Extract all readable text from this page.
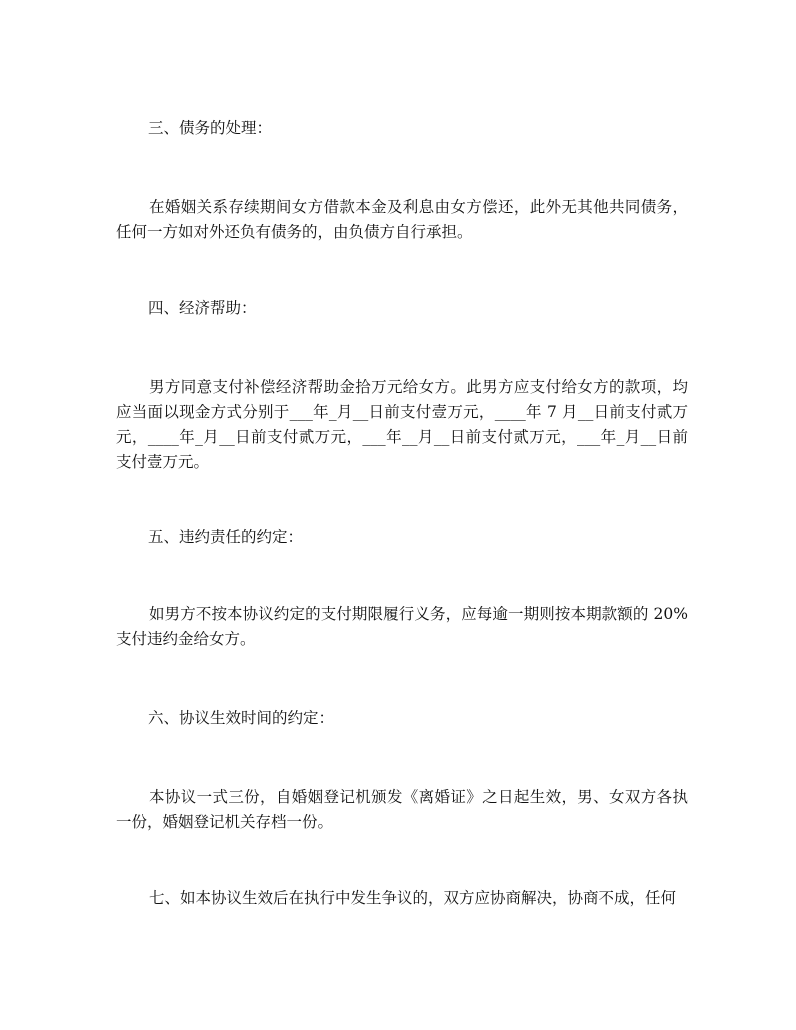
三、债务的处理：

在婚姻关系存续期间女方借款本金及利息由女方偿还，此外无其他共同债务，任何一方如对外还负有债务的，由负债方自行承担。

四、经济帮助：

男方同意支付补偿经济帮助金拾万元给女方。此男方应支付给女方的款项，均应当面以现金方式分别于___年_月__日前支付壹万元，____年 7 月__日前支付贰万元，____年_月__日前支付贰万元，___年__月__日前支付贰万元，___年_月__日前支付壹万元。

五、违约责任的约定：

如男方不按本协议约定的支付期限履行义务，应每逾一期则按本期款额的 20%支付违约金给女方。

六、协议生效时间的约定：

本协议一式三份，自婚姻登记机颁发《离婚证》之日起生效，男、女双方各执一份，婚姻登记机关存档一份。

七、如本协议生效后在执行中发生争议的，双方应协商解决，协商不成，任何
